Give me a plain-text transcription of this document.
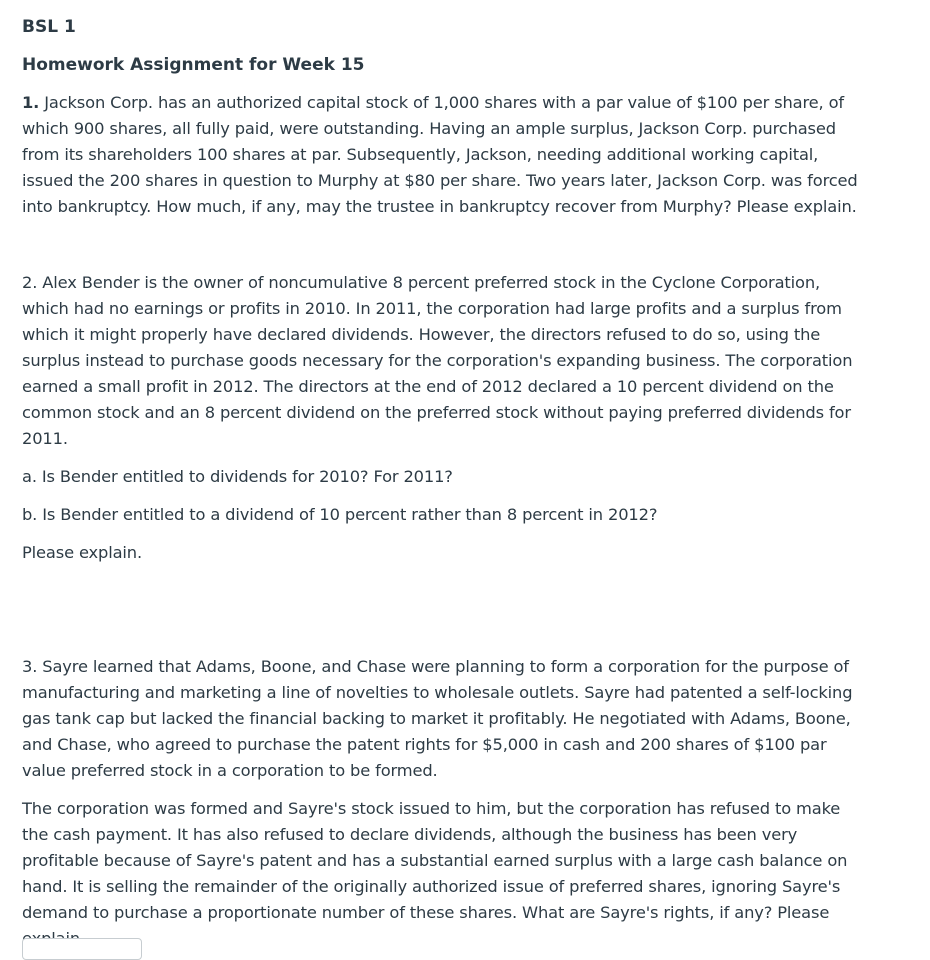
BSL 1
Homework Assignment for Week 15

1. Jackson Corp. has an authorized capital stock of 1,000 shares with a par value of $100 per share, of which 900 shares, all fully paid, were outstanding. Having an ample surplus, Jackson Corp. purchased from its shareholders 100 shares at par. Subsequently, Jackson, needing additional working capital, issued the 200 shares in question to Murphy at $80 per share. Two years later, Jackson Corp. was forced into bankruptcy. How much, if any, may the trustee in bankruptcy recover from Murphy? Please explain.

2. Alex Bender is the owner of noncumulative 8 percent preferred stock in the Cyclone Corporation, which had no earnings or profits in 2010. In 2011, the corporation had large profits and a surplus from which it might properly have declared dividends. However, the directors refused to do so, using the surplus instead to purchase goods necessary for the corporation's expanding business. The corporation earned a small profit in 2012. The directors at the end of 2012 declared a 10 percent dividend on the common stock and an 8 percent dividend on the preferred stock without paying preferred dividends for 2011.

a. Is Bender entitled to dividends for 2010? For 2011?

b. Is Bender entitled to a dividend of 10 percent rather than 8 percent in 2012?

Please explain.

3. Sayre learned that Adams, Boone, and Chase were planning to form a corporation for the purpose of manufacturing and marketing a line of novelties to wholesale outlets. Sayre had patented a self-locking gas tank cap but lacked the financial backing to market it profitably. He negotiated with Adams, Boone, and Chase, who agreed to purchase the patent rights for $5,000 in cash and 200 shares of $100 par value preferred stock in a corporation to be formed.

The corporation was formed and Sayre's stock issued to him, but the corporation has refused to make the cash payment. It has also refused to declare dividends, although the business has been very profitable because of Sayre's patent and has a substantial earned surplus with a large cash balance on hand. It is selling the remainder of the originally authorized issue of preferred shares, ignoring Sayre's demand to purchase a proportionate number of these shares. What are Sayre's rights, if any? Please
